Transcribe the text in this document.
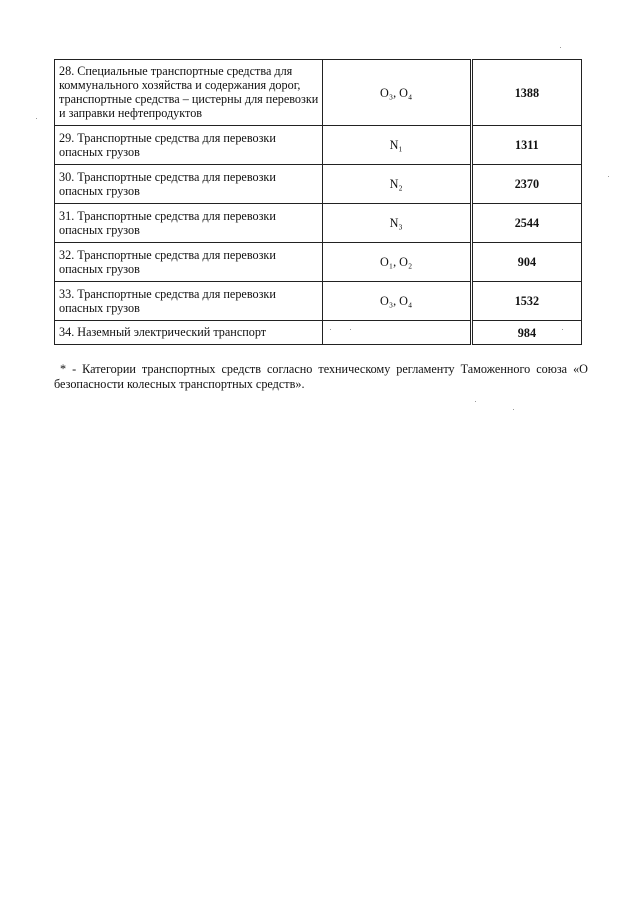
28. Специальные транспортные средства для коммунального хозяйства и содержания дорог, транспортные средства – цистерны для перевозки и заправки нефтепродуктов	O₃, O₄	1388
29. Транспортные средства для перевозки опасных грузов	N₁	1311
30. Транспортные средства для перевозки опасных грузов	N₂	2370
31. Транспортные средства для перевозки опасных грузов	N₃	2544
32. Транспортные средства для перевозки опасных грузов	O₁, O₂	904
33. Транспортные средства для перевозки опасных грузов	O₃, O₄	1532
34. Наземный электрический транспорт		984
* - Категории транспортных средств согласно техническому регламенту Таможенного союза «О безопасности колесных транспортных средств».
